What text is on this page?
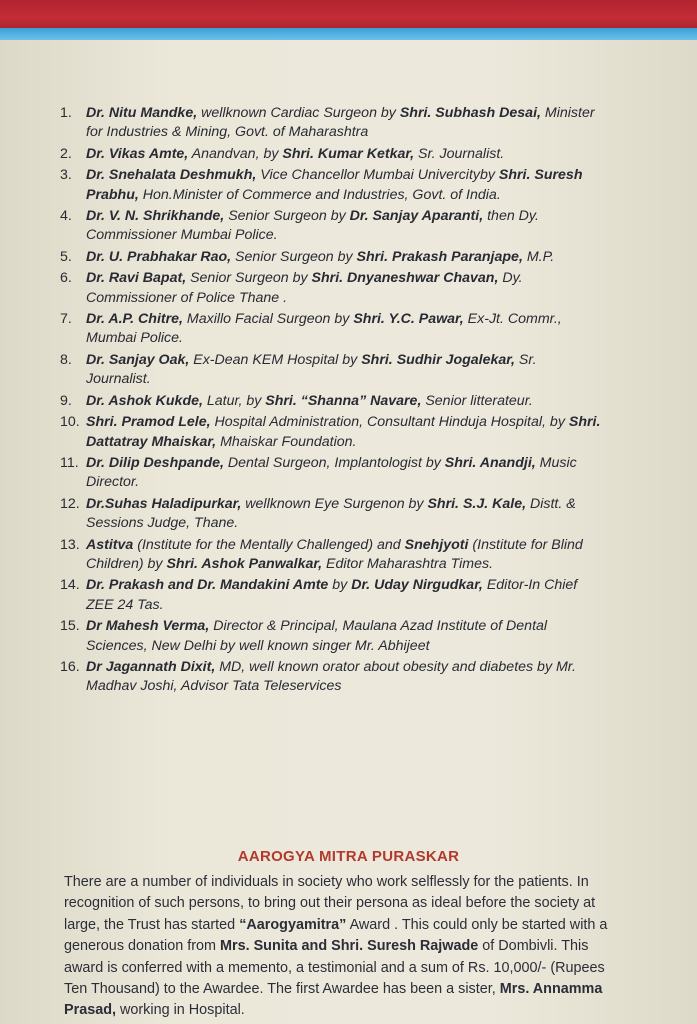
1. Dr. Nitu Mandke, wellknown Cardiac Surgeon by Shri. Subhash Desai, Minister for Industries & Mining, Govt. of Maharashtra
2. Dr. Vikas Amte, Anandvan, by Shri. Kumar Ketkar, Sr. Journalist.
3. Dr. Snehalata Deshmukh, Vice Chancellor Mumbai Univercityby Shri. Suresh Prabhu, Hon.Minister of Commerce and Industries, Govt. of India.
4. Dr. V. N. Shrikhande, Senior Surgeon by Dr. Sanjay Aparanti, then Dy. Commissioner Mumbai Police.
5. Dr. U. Prabhakar Rao, Senior Surgeon by Shri. Prakash Paranjape, M.P.
6. Dr. Ravi Bapat, Senior Surgeon by Shri. Dnyaneshwar Chavan, Dy. Commissioner of Police Thane .
7. Dr. A.P. Chitre, Maxillo Facial Surgeon by Shri. Y.C. Pawar, Ex-Jt. Commr., Mumbai Police.
8. Dr. Sanjay Oak, Ex-Dean KEM Hospital by Shri. Sudhir Jogalekar, Sr. Journalist.
9. Dr. Ashok Kukde, Latur, by Shri. “Shanna” Navare, Senior litterateur.
10. Shri. Pramod Lele, Hospital Administration, Consultant Hinduja Hospital, by Shri. Dattatray Mhaiskar, Mhaiskar Foundation.
11. Dr. Dilip Deshpande, Dental Surgeon, Implantologist by Shri. Anandji, Music Director.
12. Dr.Suhas Haladipurkar, wellknown Eye Surgenon by Shri. S.J. Kale, Distt. & Sessions Judge, Thane.
13. Astitva (Institute for the Mentally Challenged) and Snehjyoti (Institute for Blind Children) by Shri. Ashok Panwalkar, Editor Maharashtra Times.
14. Dr. Prakash and Dr. Mandakini Amte by Dr. Uday Nirgudkar, Editor-In Chief ZEE 24 Tas.
15. Dr Mahesh Verma, Director & Principal, Maulana Azad Institute of Dental Sciences, New Delhi by well known singer Mr. Abhijeet
16. Dr Jagannath Dixit, MD, well known orator about obesity and diabetes by Mr. Madhav Joshi, Advisor Tata Teleservices
AAROGYA MITRA PURASKAR
There are a number of individuals in society who work selflessly for the patients. In recognition of such persons, to bring out their persona as ideal before the society at large, the Trust has started “Aarogyamitra” Award . This could only be started with a generous donation from Mrs. Sunita and Shri. Suresh Rajwade of Dombivli. This award is conferred with a memento, a testimonial and a sum of Rs. 10,000/- (Rupees Ten Thousand) to the Awardee. The first Awardee has been a sister, Mrs. Annamma Prasad, working in Hospital.
